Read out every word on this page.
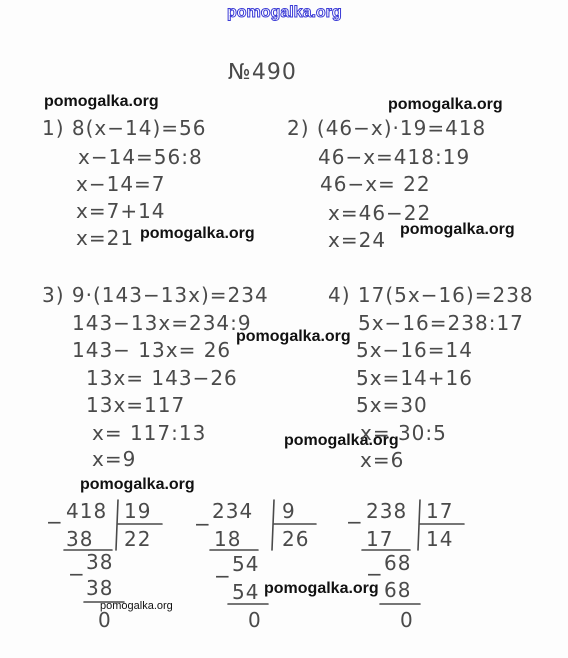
pomogalka.org
№490
pomogalka.org	pomogalka.org
pomogalka.org	pomogalka.org
pomogalka.org
pomogalka.org
pomogalka.org
pomogalka.org
pomogalka.org
1) 8(x−14)=56
x−14=56:8
x−14=7
x=7+14
x=21
2) (46−x)·19=418
46−x=418:19
46−x= 22
x=46−22
x=24
3) 9·(143−13x)=234
143−13x=234:9
143− 13x= 26
13x= 143−26
13x=117
x= 117:13
x=9
4) 17(5x−16)=238
5x−16=238:17
5x−16=14
5x=14+16
5x=30
x= 30:5
x=6
− 418 19
38 22
− 38
38
0
−
234 9
18 26
− 54
54
0
− 238 17
17 14
− 68
68
0
